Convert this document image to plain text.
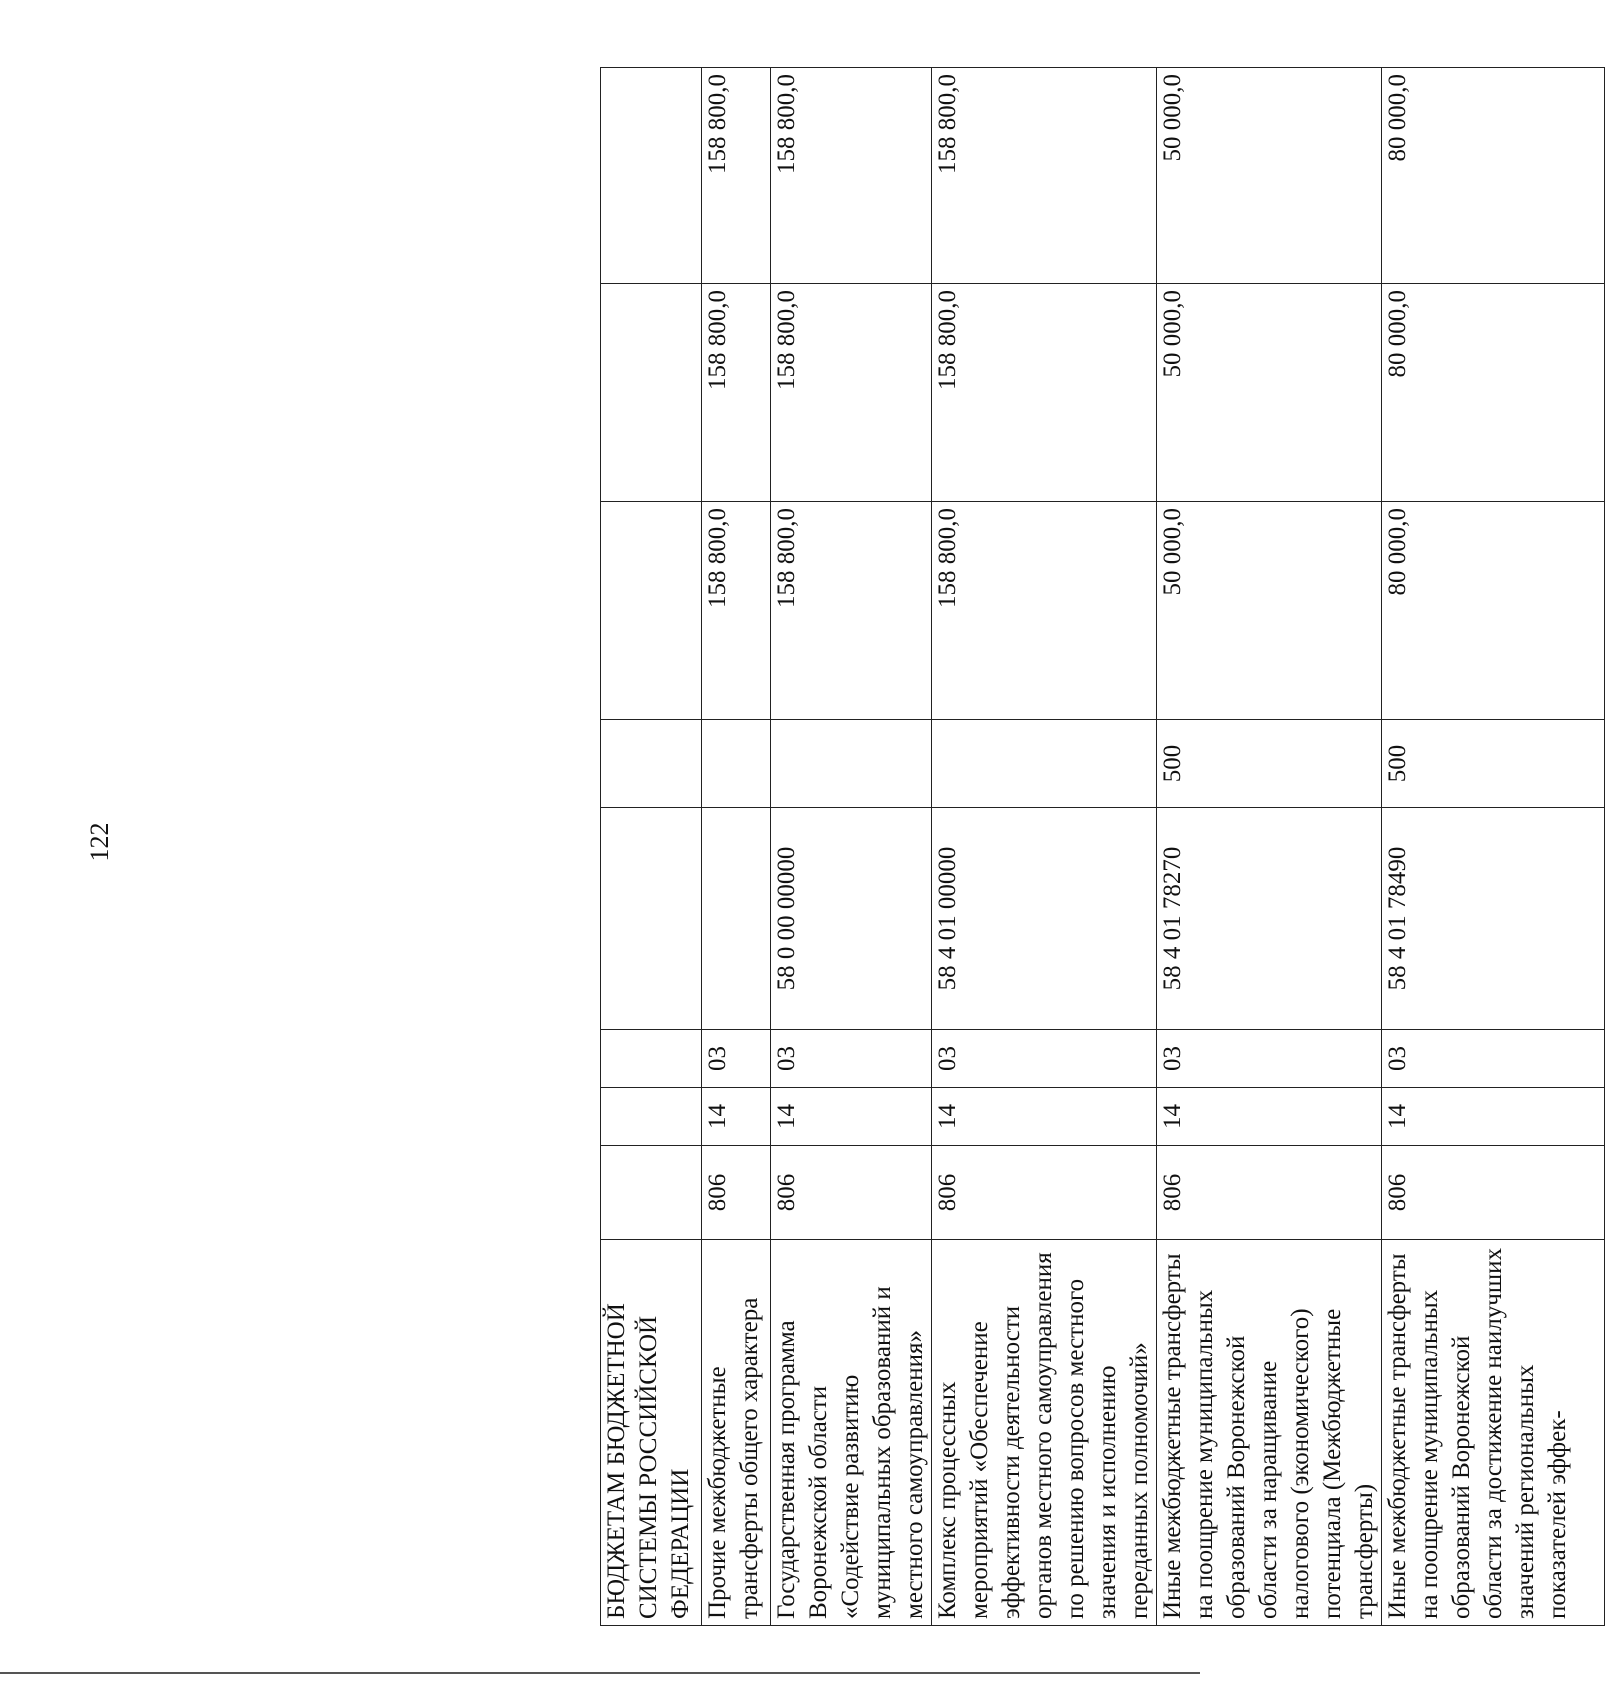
122
БЮДЖЕТАМ БЮДЖЕТНОЙ СИСТЕМЫ РОССИЙСКОЙ ФЕДЕРАЦИИ								
Прочие межбюджетные трансферты общего характера	806	14	03			158 800,0	158 800,0	158 800,0
Государственная программа Воронежской области «Содействие развитию муниципальных образований и местного самоуправления»	806	14	03	58 0 00 00000		158 800,0	158 800,0	158 800,0
Комплекс процессных мероприятий «Обеспечение эффективности деятельности органов местного самоуправления по решению вопросов местного значения и исполнению переданных полномочий»	806	14	03	58 4 01 00000		158 800,0	158 800,0	158 800,0
Иные межбюджетные трансферты на поощрение муниципальных образований Воронежской области за наращивание налогового (экономического) потенциала (Межбюджетные трансферты)	806	14	03	58 4 01 78270	500	50 000,0	50 000,0	50 000,0
Иные межбюджетные трансферты на поощрение муниципальных образований Воронежской области за достижение наилучших значений региональных показателей эффек-	806	14	03	58 4 01 78490	500	80 000,0	80 000,0	80 000,0
